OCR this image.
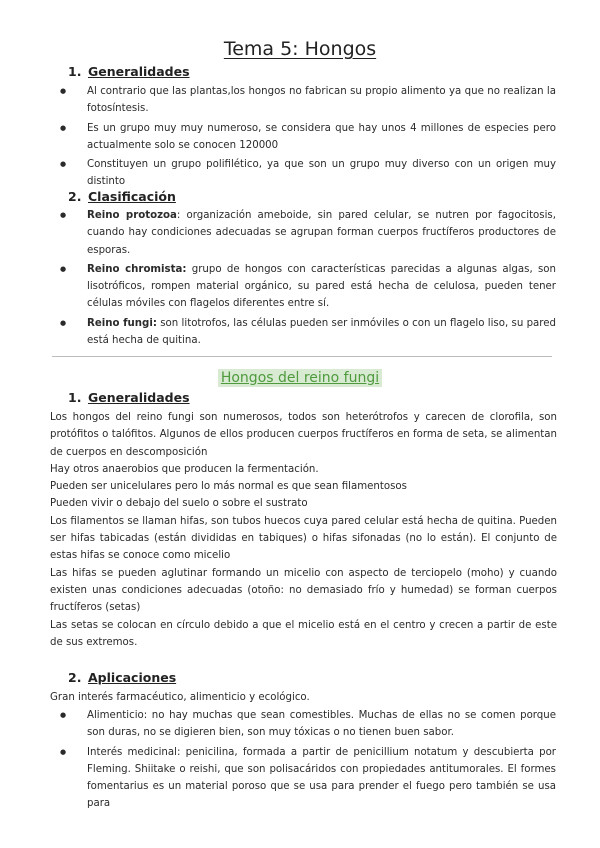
Tema 5: Hongos
1. Generalidades
● Al contrario que las plantas,los hongos no fabrican su propio alimento ya que no realizan la fotosíntesis.
● Es un grupo muy muy numeroso, se considera que hay unos 4 millones de especies pero actualmente solo se conocen 120000
● Constituyen un grupo polifilético, ya que son un grupo muy diverso con un origen muy distinto
2. Clasificación
● Reino protozoa: organización ameboide, sin pared celular, se nutren por fagocitosis, cuando hay condiciones adecuadas se agrupan forman cuerpos fructíferos productores de esporas.
● Reino chromista: grupo de hongos con características parecidas a algunas algas, son lisotróficos, rompen material orgánico, su pared está hecha de celulosa, pueden tener células móviles con flagelos diferentes entre sí.
● Reino fungi: son litotrofos, las células pueden ser inmóviles o con un flagelo liso, su pared está hecha de quitina.
Hongos del reino fungi
1. Generalidades

Los hongos del reino fungi son numerosos, todos son heterótrofos y carecen de clorofila, son protófitos o talófitos. Algunos de ellos producen cuerpos fructíferos en forma de seta, se alimentan de cuerpos en descomposición

Hay otros anaerobios que producen la fermentación.

Pueden ser unicelulares pero lo más normal es que sean filamentosos

Pueden vivir o debajo del suelo o sobre el sustrato

Los filamentos se llaman hifas, son tubos huecos cuya pared celular está hecha de quitina. Pueden ser hifas tabicadas (están divididas en tabiques) o hifas sifonadas (no lo están). El conjunto de estas hifas se conoce como micelio

Las hifas se pueden aglutinar formando un micelio con aspecto de terciopelo (moho) y cuando existen unas condiciones adecuadas (otoño: no demasiado frío y humedad) se forman cuerpos fructíferos (setas)

Las setas se colocan en círculo debido a que el micelio está en el centro y crecen a partir de este de sus extremos.

2. Aplicaciones

Gran interés farmacéutico, alimenticio y ecológico.

● Alimenticio: no hay muchas que sean comestibles. Muchas de ellas no se comen porque son duras, no se digieren bien, son muy tóxicas o no tienen buen sabor.
● Interés medicinal: penicilina, formada a partir de penicillium notatum y descubierta por Fleming. Shiitake o reishi, que son polisacáridos con propiedades antitumorales. El formes fomentarius es un material poroso que se usa para prender el fuego pero también se usa para
